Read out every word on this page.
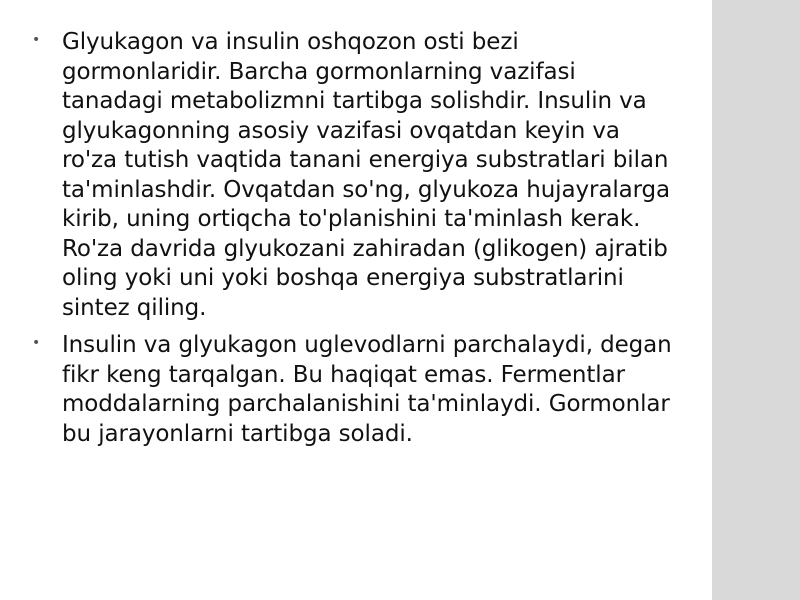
• Glyukagon va insulin oshqozon osti bezi gormonlaridir. Barcha gormonlarning vazifasi tanadagi metabolizmni tartibga solishdir. Insulin va glyukagonning asosiy vazifasi ovqatdan keyin va ro'za tutish vaqtida tanani energiya substratlari bilan ta'minlashdir. Ovqatdan so'ng, glyukoza hujayralarga kirib, uning ortiqcha to'planishini ta'minlash kerak. Ro'za davrida glyukozani zahiradan (glikogen) ajratib oling yoki uni yoki boshqa energiya substratlarini sintez qiling.
• Insulin va glyukagon uglevodlarni parchalaydi, degan fikr keng tarqalgan. Bu haqiqat emas. Fermentlar moddalarning parchalanishini ta'minlaydi. Gormonlar bu jarayonlarni tartibga soladi.
